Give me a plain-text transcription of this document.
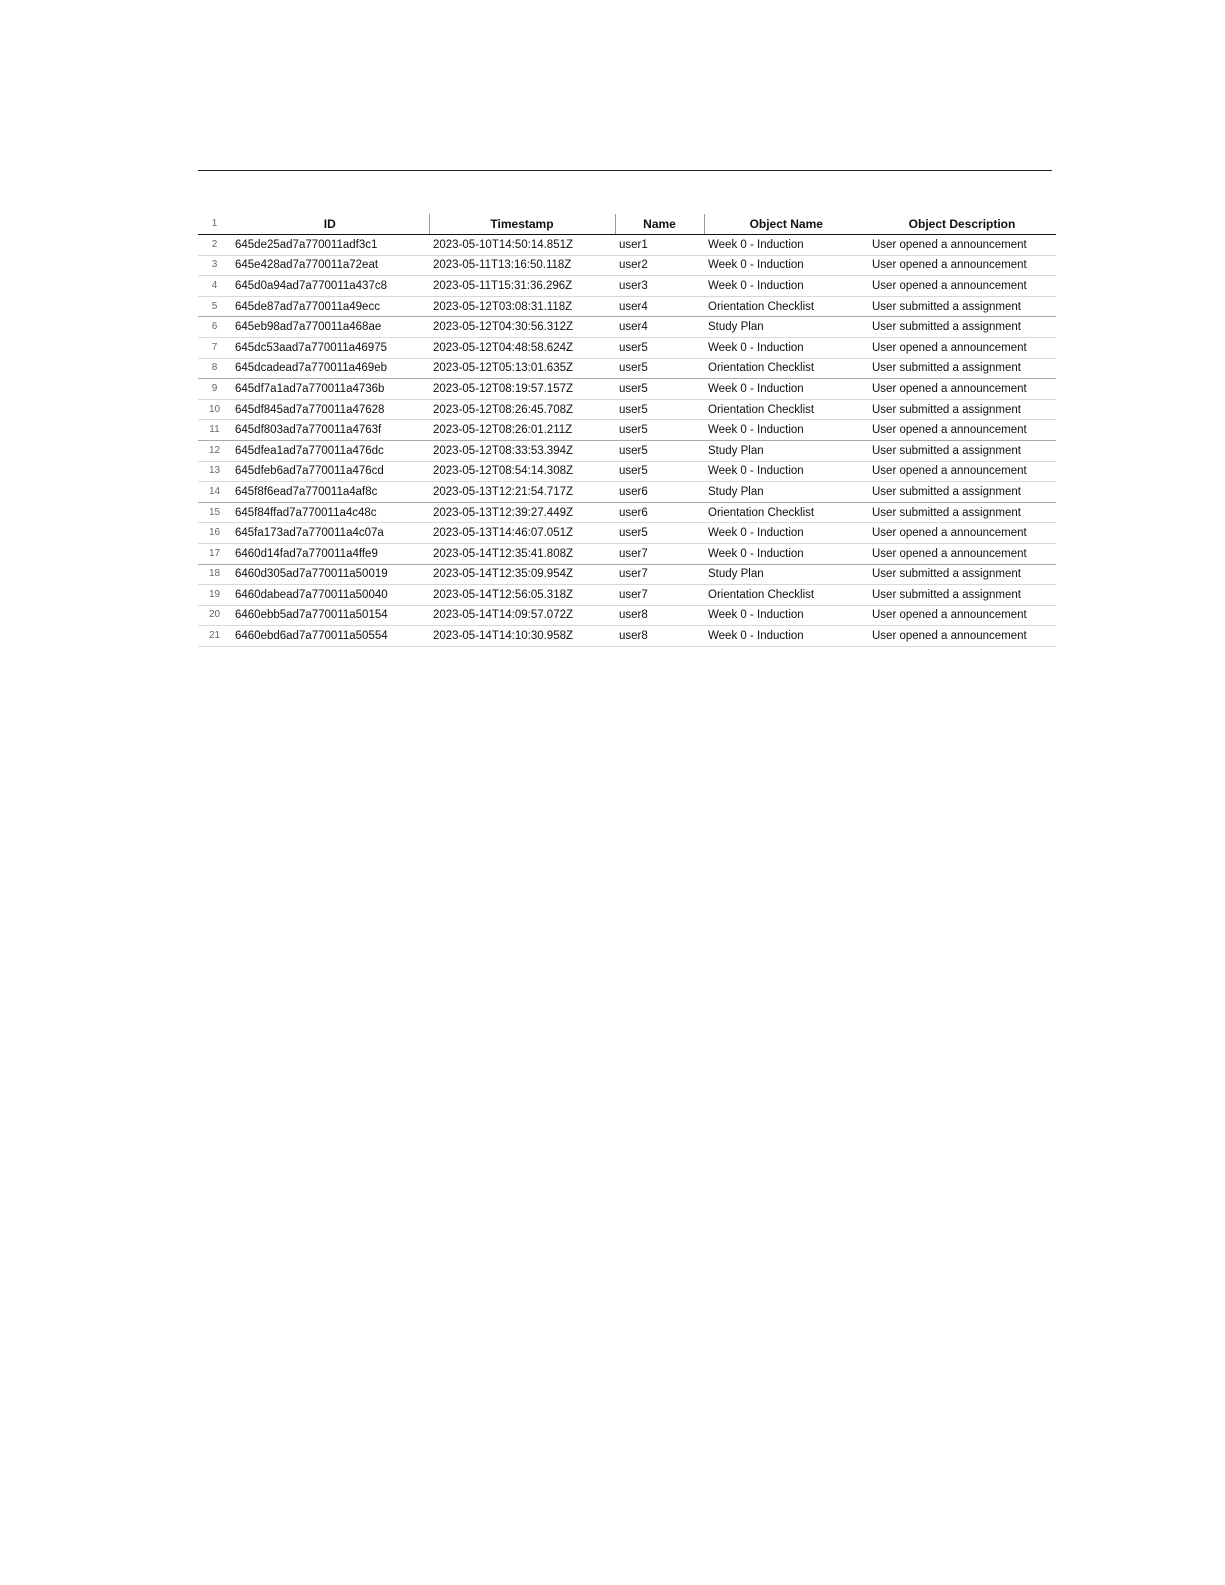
1	ID	Timestamp	Name	Object Name	Object Description
2	645de25ad7a770011adf3c1	2023-05-10T14:50:14.851Z	user1	Week 0 - Induction	User opened a announcement
3	645e428ad7a770011a72eat	2023-05-11T13:16:50.118Z	user2	Week 0 - Induction	User opened a announcement
4	645d0a94ad7a770011a437c8	2023-05-11T15:31:36.296Z	user3	Week 0 - Induction	User opened a announcement
5	645de87ad7a770011a49ecc	2023-05-12T03:08:31.118Z	user4	Orientation Checklist	User submitted a assignment
6	645eb98ad7a770011a468ae	2023-05-12T04:30:56.312Z	user4	Study Plan	User submitted a assignment
7	645dc53aad7a770011a46975	2023-05-12T04:48:58.624Z	user5	Week 0 - Induction	User opened a announcement
8	645dcadead7a770011a469eb	2023-05-12T05:13:01.635Z	user5	Orientation Checklist	User submitted a assignment
9	645df7a1ad7a770011a4736b	2023-05-12T08:19:57.157Z	user5	Week 0 - Induction	User opened a announcement
10	645df845ad7a770011a47628	2023-05-12T08:26:45.708Z	user5	Orientation Checklist	User submitted a assignment
11	645df803ad7a770011a4763f	2023-05-12T08:26:01.211Z	user5	Week 0 - Induction	User opened a announcement
12	645dfea1ad7a770011a476dc	2023-05-12T08:33:53.394Z	user5	Study Plan	User submitted a assignment
13	645dfeb6ad7a770011a476cd	2023-05-12T08:54:14.308Z	user5	Week 0 - Induction	User opened a announcement
14	645f8f6ead7a770011a4af8c	2023-05-13T12:21:54.717Z	user6	Study Plan	User submitted a assignment
15	645f84ffad7a770011a4c48c	2023-05-13T12:39:27.449Z	user6	Orientation Checklist	User submitted a assignment
16	645fa173ad7a770011a4c07a	2023-05-13T14:46:07.051Z	user5	Week 0 - Induction	User opened a announcement
17	6460d14fad7a770011a4ffe9	2023-05-14T12:35:41.808Z	user7	Week 0 - Induction	User opened a announcement
18	6460d305ad7a770011a50019	2023-05-14T12:35:09.954Z	user7	Study Plan	User submitted a assignment
19	6460dabead7a770011a50040	2023-05-14T12:56:05.318Z	user7	Orientation Checklist	User submitted a assignment
20	6460ebb5ad7a770011a50154	2023-05-14T14:09:57.072Z	user8	Week 0 - Induction	User opened a announcement
21	6460ebd6ad7a770011a50554	2023-05-14T14:10:30.958Z	user8	Week 0 - Induction	User opened a announcement
